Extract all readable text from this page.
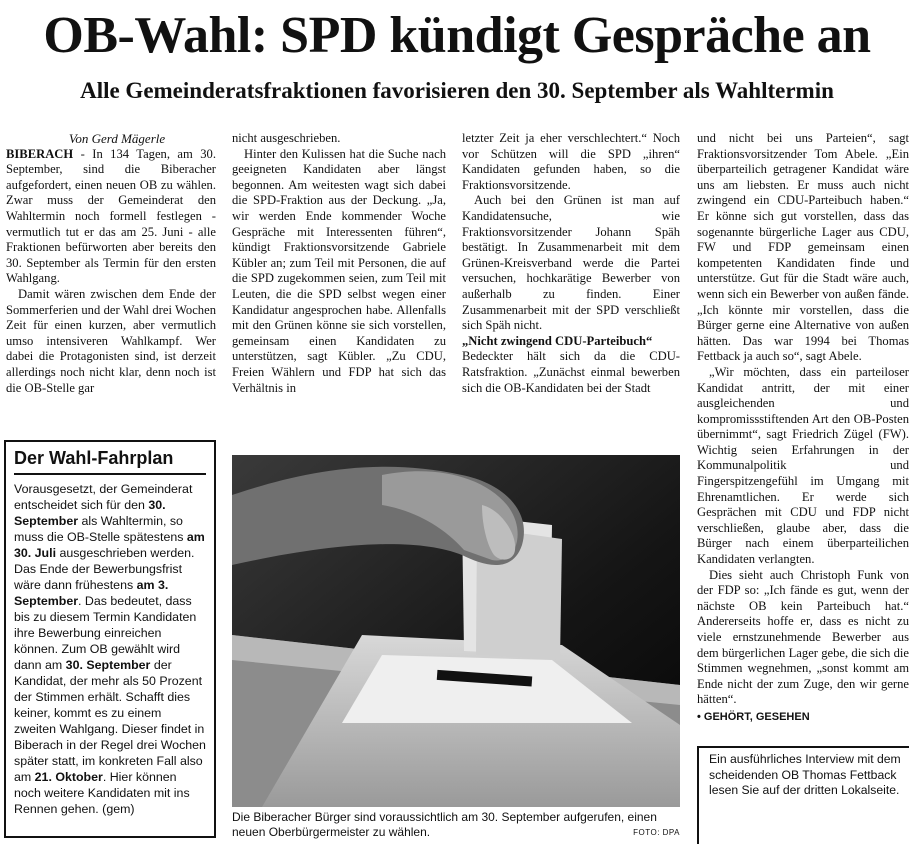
OB-Wahl: SPD kündigt Gespräche an
Alle Gemeinderatsfraktionen favorisieren den 30. September als Wahltermin

Von Gerd Mägerle

BIBERACH - In 134 Tagen, am 30. September, sind die Biberacher aufgefordert, einen neuen OB zu wählen. Zwar muss der Gemeinderat den Wahltermin noch formell festlegen - vermutlich tut er das am 25. Juni - alle Fraktionen befürworten aber bereits den 30. September als Termin für den ersten Wahlgang.

Damit wären zwischen dem Ende der Sommerferien und der Wahl drei Wochen Zeit für einen kurzen, aber vermutlich umso intensiveren Wahlkampf. Wer dabei die Protagonisten sind, ist derzeit allerdings noch nicht klar, denn noch ist die OB-Stelle gar

Der Wahl-Fahrplan
Vorausgesetzt, der Gemeinderat entscheidet sich für den 30. September als Wahltermin, so muss die OB-Stelle spätestens am 30. Juli ausgeschrieben werden. Das Ende der Bewerbungsfrist wäre dann frühestens am 3. September. Das bedeutet, dass bis zu diesem Termin Kandidaten ihre Bewerbung einreichen können. Zum OB gewählt wird dann am 30. September der Kandidat, der mehr als 50 Prozent der Stimmen erhält. Schafft dies keiner, kommt es zu einem zweiten Wahlgang. Dieser findet in Biberach in der Regel drei Wochen später statt, im konkreten Fall also am 21. Oktober. Hier können noch weitere Kandidaten mit ins Rennen gehen. (gem)

nicht ausgeschrieben.

Hinter den Kulissen hat die Suche nach geeigneten Kandidaten aber längst begonnen. Am weitesten wagt sich dabei die SPD-Fraktion aus der Deckung. „Ja, wir werden Ende kommender Woche Gespräche mit Interessenten führen“, kündigt Fraktionsvorsitzende Gabriele Kübler an; zum Teil mit Personen, die auf die SPD zugekommen seien, zum Teil mit Leuten, die die SPD selbst wegen einer Kandidatur angesprochen habe. Allenfalls mit den Grünen könne sie sich vorstellen, gemeinsam einen Kandidaten zu unterstützen, sagt Kübler. „Zu CDU, Freien Wählern und FDP hat sich das Verhältnis in

letzter Zeit ja eher verschlechtert.“ Noch vor Schützen will die SPD „ihren“ Kandidaten gefunden haben, so die Fraktionsvorsitzende.

Auch bei den Grünen ist man auf Kandidatensuche, wie Fraktionsvorsitzender Johann Späh bestätigt. In Zusammenarbeit mit dem Grünen-Kreisverband werde die Partei versuchen, hochkarätige Bewerber von außerhalb zu finden. Einer Zusammenarbeit mit der SPD verschließt sich Späh nicht.

„Nicht zwingend CDU-Parteibuch“

Bedeckter hält sich da die CDU-Ratsfraktion. „Zunächst einmal bewerben sich die OB-Kandidaten bei der Stadt

und nicht bei uns Parteien“, sagt Fraktionsvorsitzender Tom Abele. „Ein überparteilich getragener Kandidat wäre uns am liebsten. Er muss auch nicht zwingend ein CDU-Parteibuch haben.“ Er könne sich gut vorstellen, dass das sogenannte bürgerliche Lager aus CDU, FW und FDP gemeinsam einen kompetenten Kandidaten finde und unterstütze. Gut für die Stadt wäre auch, wenn sich ein Bewerber von außen fände. „Ich könnte mir vorstellen, dass die Bürger gerne eine Alternative von außen hätten. Das war 1994 bei Thomas Fettback ja auch so“, sagt Abele.

„Wir möchten, dass ein parteiloser Kandidat antritt, der mit einer ausgleichenden und kompromissstiftenden Art den OB-Posten übernimmt“, sagt Friedrich Zügel (FW). Wichtig seien Erfahrungen in der Kommunalpolitik und Fingerspitzengefühl im Umgang mit Ehrenamtlichen. Er werde sich Gesprächen mit CDU und FDP nicht verschließen, glaube aber, dass die Bürger nach einem überparteilichen Kandidaten verlangten.

Dies sieht auch Christoph Funk von der FDP so: „Ich fände es gut, wenn der nächste OB kein Parteibuch hat.“ Andererseits hoffe er, dass es nicht zu viele ernstzunehmende Bewerber aus dem bürgerlichen Lager gebe, die sich die Stimmen wegnehmen, „sonst kommt am Ende nicht der zum Zuge, den wir gerne hätten“.

• GEHÖRT, GESEHEN
Die Biberacher Bürger sind voraussichtlich am 30. September aufgerufen, einen neuen Oberbürgermeister zu wählen.	FOTO: DPA
Ein ausführliches Interview mit dem scheidenden OB Thomas Fettback lesen Sie auf der dritten Lokalseite.
